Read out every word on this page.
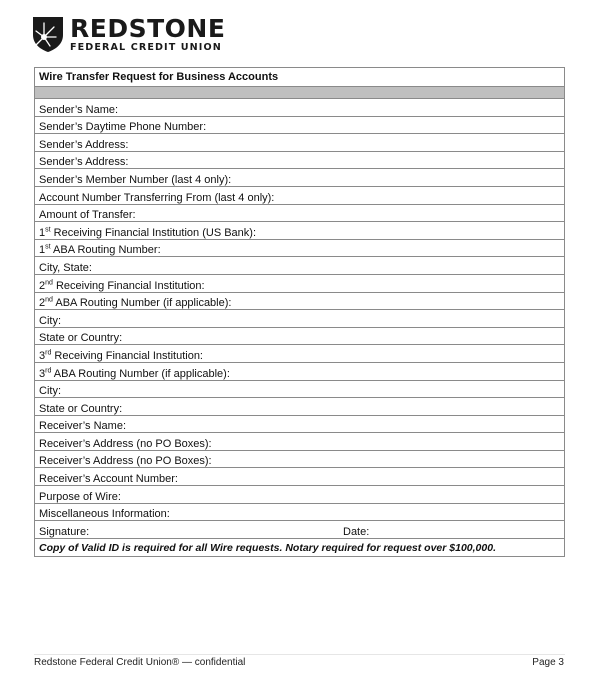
REDSTONE
FEDERAL CREDIT UNION
Wire Transfer Request for Business Accounts

Sender’s Name:
Sender’s Daytime Phone Number:
Sender’s Address:
Sender’s Address:
Sender’s Member Number (last 4 only):
Account Number Transferring From (last 4 only):
Amount of Transfer:
1st Receiving Financial Institution (US Bank):
1st ABA Routing Number:
City, State:
2nd Receiving Financial Institution:
2nd ABA Routing Number (if applicable):
City:
State or Country:
3rd Receiving Financial Institution:
3rd ABA Routing Number (if applicable):
City:
State or Country:
Receiver’s Name:
Receiver’s Address (no PO Boxes):
Receiver’s Address (no PO Boxes):
Receiver’s Account Number:
Purpose of Wire:
Miscellaneous Information:
Signature:	Date:

Copy of Valid ID is required for all Wire requests. Notary required for request over $100,000.
Redstone Federal Credit Union® — confidential	Page 3
